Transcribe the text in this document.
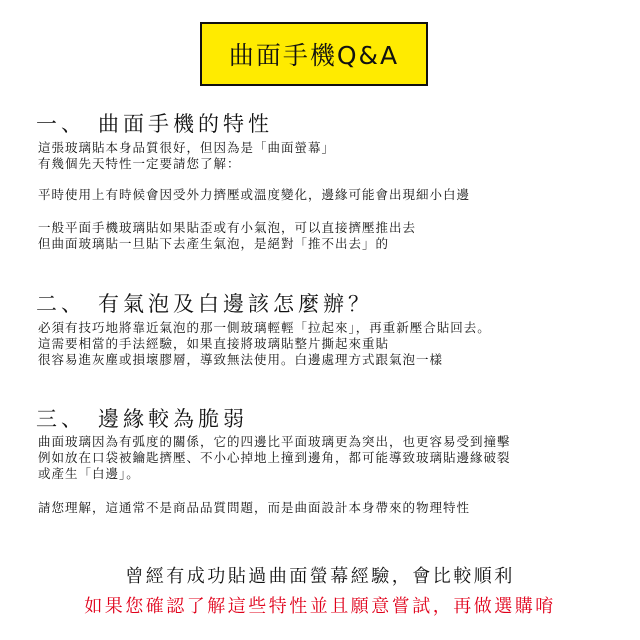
曲面手機Q&A
一、 曲面手機的特性
這張玻璃貼本身品質很好，但因為是「曲面螢幕」
有幾個先天特性一定要請您了解：
平時使用上有時候會因受外力擠壓或溫度變化，邊緣可能會出現細小白邊
一般平面手機玻璃貼如果貼歪或有小氣泡，可以直接擠壓推出去
但曲面玻璃貼一旦貼下去產生氣泡，是絕對「推不出去」的
二、 有氣泡及白邊該怎麼辦？
必須有技巧地將靠近氣泡的那一側玻璃輕輕「拉起來」，再重新壓合貼回去。
這需要相當的手法經驗，如果直接將玻璃貼整片撕起來重貼
很容易進灰塵或損壞膠層，導致無法使用。白邊處理方式跟氣泡一樣
三、 邊緣較為脆弱
曲面玻璃因為有弧度的關係，它的四邊比平面玻璃更為突出，也更容易受到撞擊
例如放在口袋被鑰匙擠壓、不小心掉地上撞到邊角，都可能導致玻璃貼邊緣破裂
或產生「白邊」。
請您理解，這通常不是商品品質問題，而是曲面設計本身帶來的物理特性
曾經有成功貼過曲面螢幕經驗，會比較順利
如果您確認了解這些特性並且願意嘗試，再做選購唷
